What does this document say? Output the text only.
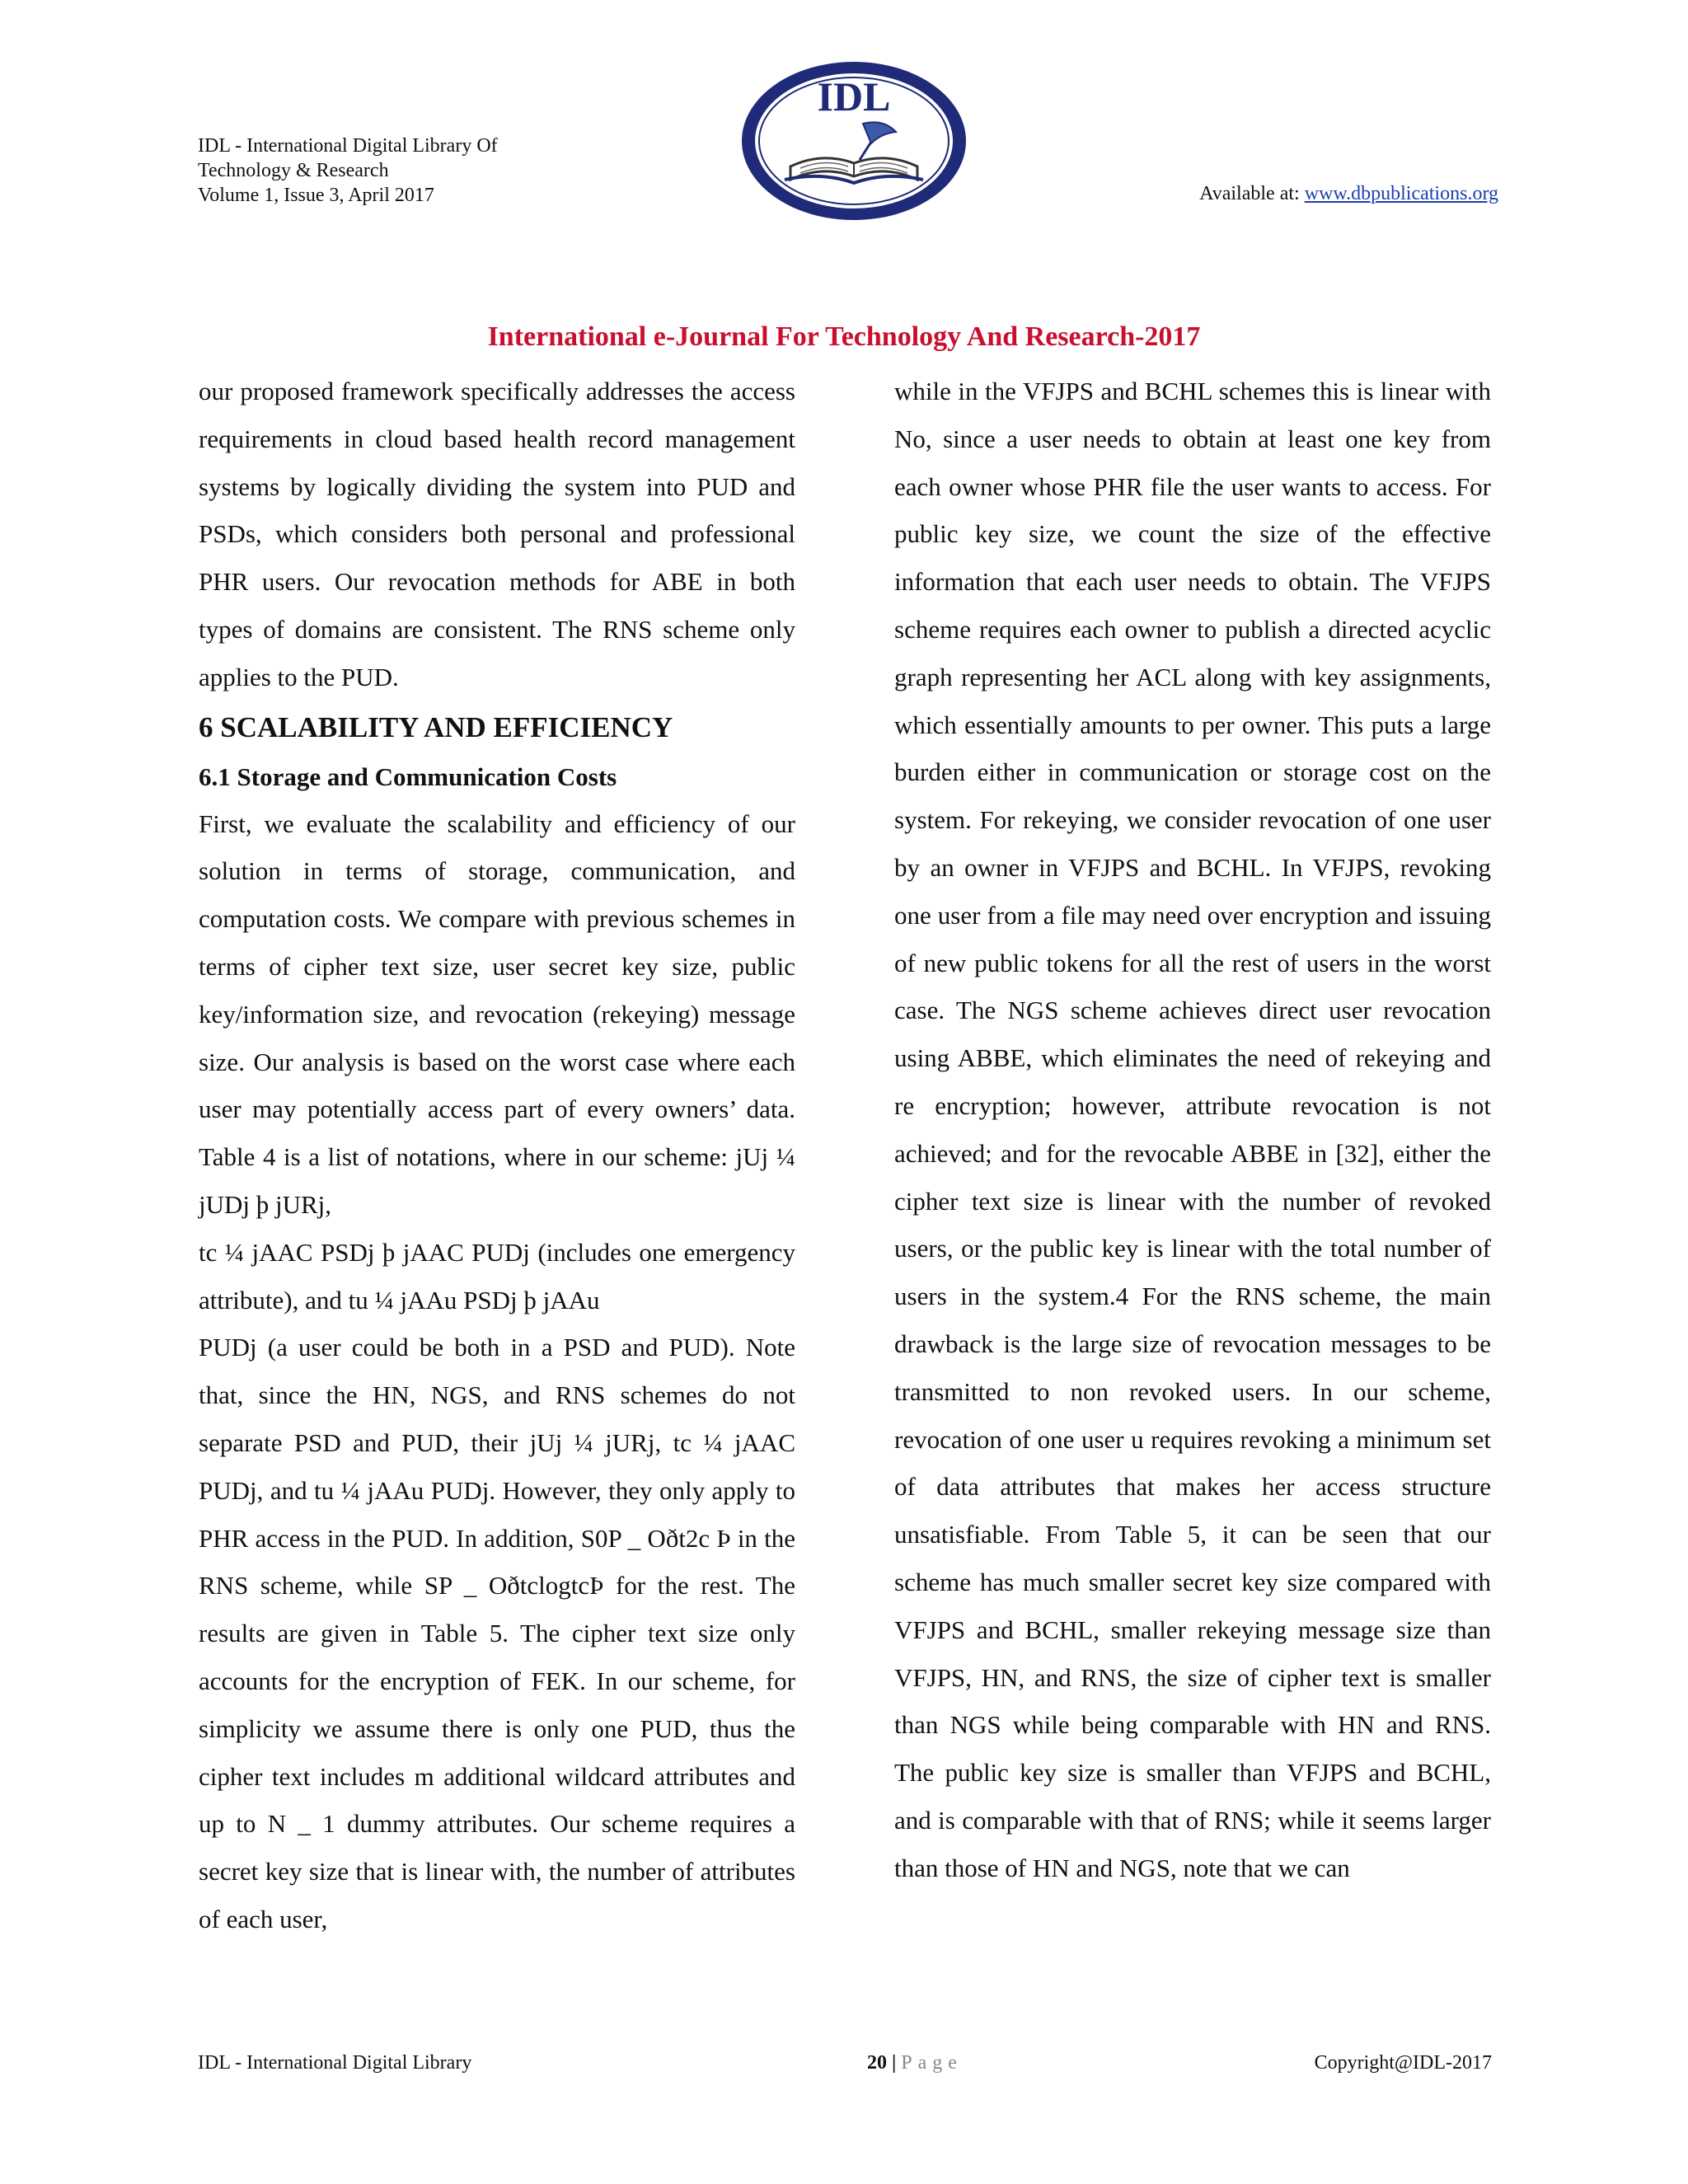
IDL - International Digital Library Of
Technology & Research
Volume 1, Issue 3, April 2017
IDL
Available at: www.dbpublications.org
International e-Journal For Technology And Research-2017

our proposed framework specifically addresses the access requirements in cloud based health record management systems by logically dividing the system into PUD and PSDs, which considers both personal and professional PHR users. Our revocation methods for ABE in both types of domains are consistent. The RNS scheme only applies to the PUD.

6 SCALABILITY AND EFFICIENCY
6.1 Storage and Communication Costs

First, we evaluate the scalability and efficiency of our solution in terms of storage, communication, and computation costs. We compare with previous schemes in terms of cipher text size, user secret key size, public key/information size, and revocation (rekeying) message size. Our analysis is based on the worst case where each user may potentially access part of every owners’ data. Table 4 is a list of notations, where in our scheme: jUj ¼ jUDj þ jURj,

tc ¼ jAAC PSDj þ jAAC PUDj (includes one emergency attribute), and tu ¼ jAAu PSDj þ jAAu

PUDj (a user could be both in a PSD and PUD). Note that, since the HN, NGS, and RNS schemes do not separate PSD and PUD, their jUj ¼ jURj, tc ¼ jAAC PUDj, and tu ¼ jAAu PUDj. However, they only apply to PHR access in the PUD. In addition, S0P _ Oðt2c Þ in the RNS scheme, while SP _ OðtclogtcÞ for the rest. The results are given in Table 5. The cipher text size only accounts for the encryption of FEK. In our scheme, for simplicity we assume there is only one PUD, thus the cipher text includes m additional wildcard attributes and up to N _ 1 dummy attributes. Our scheme requires a secret key size that is linear with, the number of attributes of each user,

while in the VFJPS and BCHL schemes this is linear with No, since a user needs to obtain at least one key from each owner whose PHR file the user wants to access. For public key size, we count the size of the effective information that each user needs to obtain. The VFJPS scheme requires each owner to publish a directed acyclic graph representing her ACL along with key assignments, which essentially amounts to per owner. This puts a large burden either in communication or storage cost on the system. For rekeying, we consider revocation of one user by an owner in VFJPS and BCHL. In VFJPS, revoking one user from a file may need over encryption and issuing of new public tokens for all the rest of users in the worst case. The NGS scheme achieves direct user revocation using ABBE, which eliminates the need of rekeying and re encryption; however, attribute revocation is not achieved; and for the revocable ABBE in [32], either the cipher text size is linear with the number of revoked users, or the public key is linear with the total number of users in the system.4 For the RNS scheme, the main drawback is the large size of revocation messages to be transmitted to non revoked users. In our scheme, revocation of one user u requires revoking a minimum set of data attributes that makes her access structure unsatisfiable. From Table 5, it can be seen that our scheme has much smaller secret key size compared with VFJPS and BCHL, smaller rekeying message size than VFJPS, HN, and RNS, the size of cipher text is smaller than NGS while being comparable with HN and RNS. The public key size is smaller than VFJPS and BCHL, and is comparable with that of RNS; while it seems larger than those of HN and NGS, note that we can

IDL - International Digital Library	20 | Page	Copyright@IDL-2017
